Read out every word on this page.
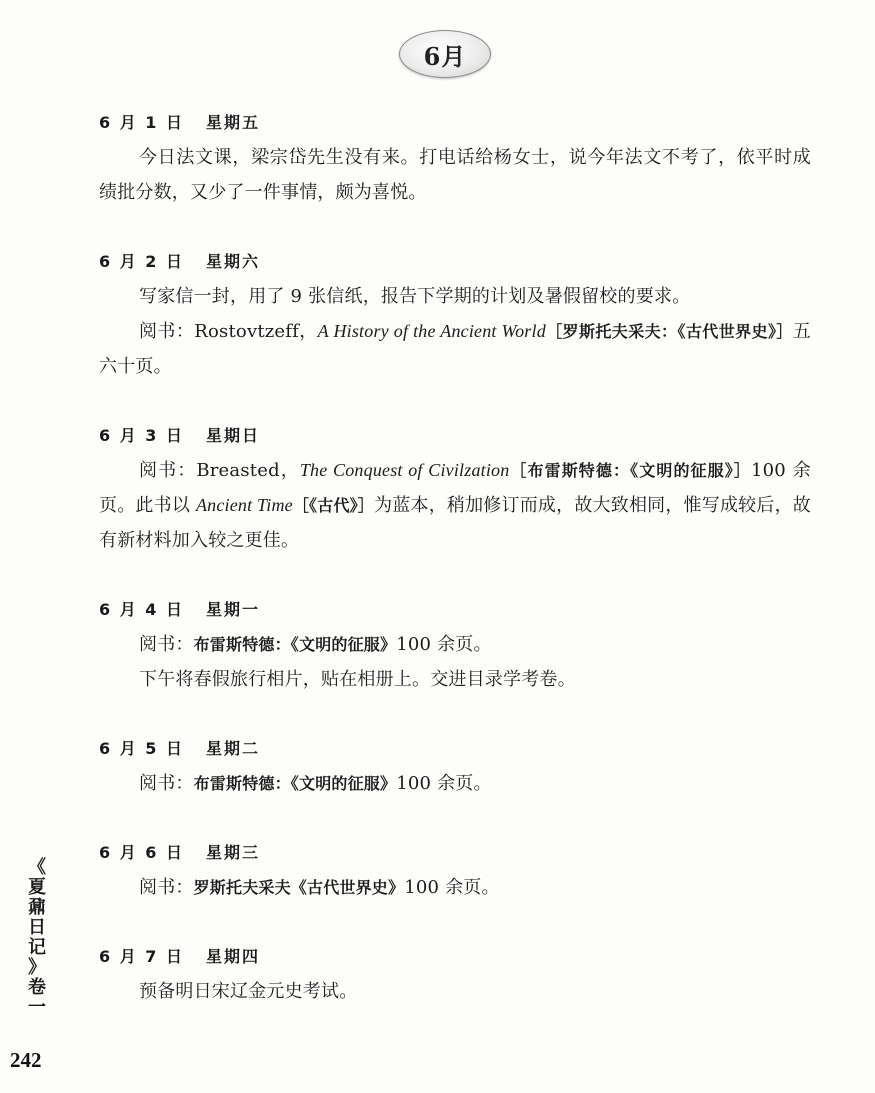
6月
6 月 1 日 星期五
今日法文课，梁宗岱先生没有来。打电话给杨女士，说今年法文不考了，依平时成绩批分数，又少了一件事情，颇为喜悦。
6 月 2 日 星期六
写家信一封，用了 9 张信纸，报告下学期的计划及暑假留校的要求。
阅书：Rostovtzeff，A History of the Ancient World［罗斯托夫采夫：《古代世界史》］五六十页。
6 月 3 日 星期日
阅书：Breasted，The Conquest of Civilzation［布雷斯特德：《文明的征服》］100 余页。此书以 Ancient Time［《古代》］为蓝本，稍加修订而成，故大致相同，惟写成较后，故有新材料加入较之更佳。
6 月 4 日 星期一
阅书：布雷斯特德：《文明的征服》100 余页。
下午将春假旅行相片，贴在相册上。交进目录学考卷。
6 月 5 日 星期二
阅书：布雷斯特德：《文明的征服》100 余页。
6 月 6 日 星期三
阅书：罗斯托夫采夫《古代世界史》100 余页。
6 月 7 日 星期四
预备明日宋辽金元史考试。
《
夏
鼐
日
记
》
卷
一
242
